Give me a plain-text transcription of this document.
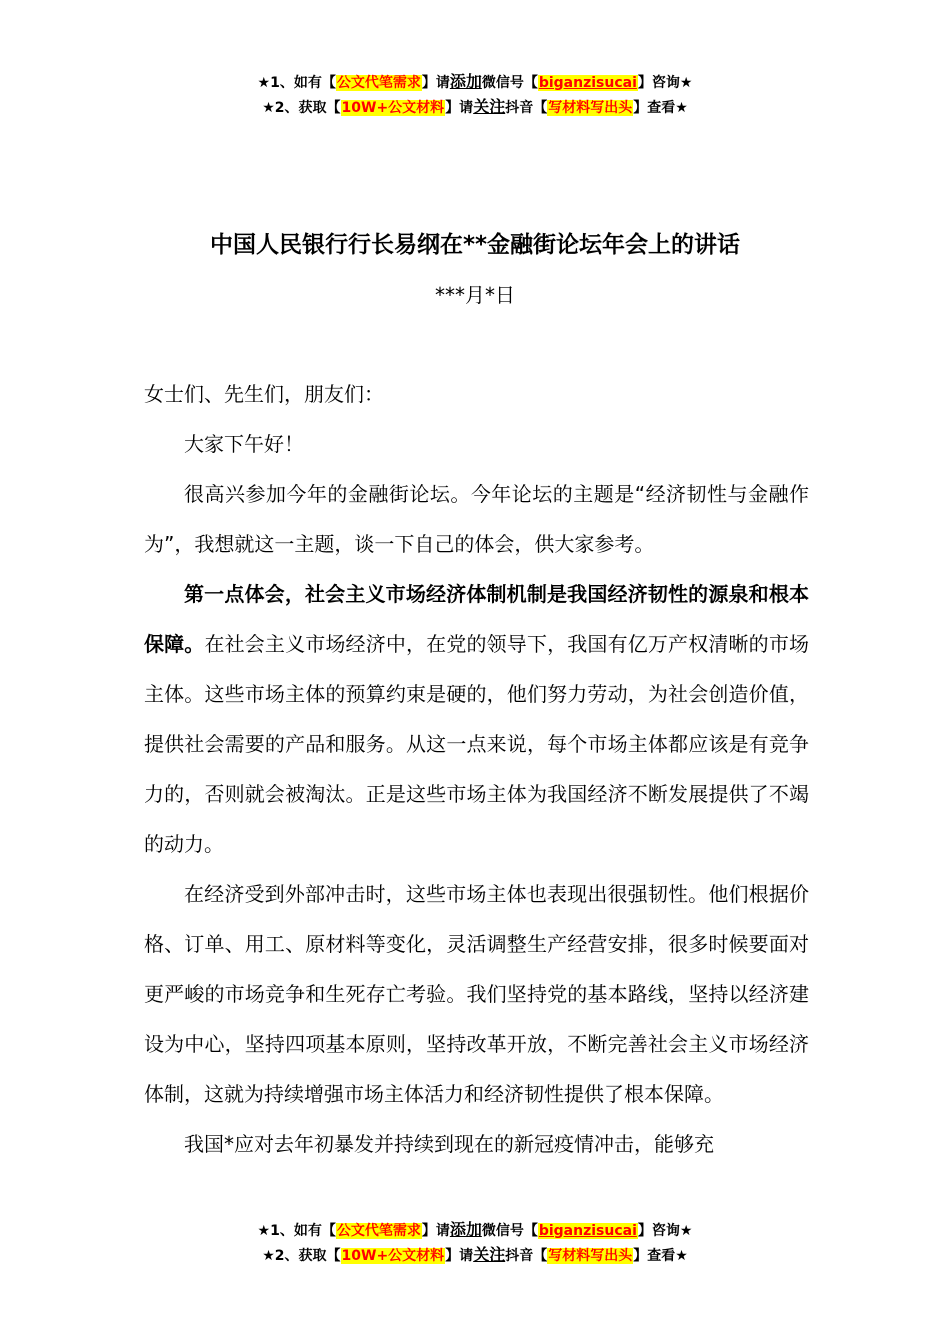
★1、如有【公文代笔需求】请添加微信号【biganzisucai】咨询★
★2、获取【10W+公文材料】请关注抖音【写材料写出头】查看★
中国人民银行行长易纲在**金融街论坛年会上的讲话
***月*日

女士们、先生们，朋友们：

大家下午好！

很高兴参加今年的金融街论坛。今年论坛的主题是“经济韧性与金融作为”，我想就这一主题，谈一下自己的体会，供大家参考。

第一点体会，社会主义市场经济体制机制是我国经济韧性的源泉和根本保障。在社会主义市场经济中，在党的领导下，我国有亿万产权清晰的市场主体。这些市场主体的预算约束是硬的，他们努力劳动，为社会创造价值，提供社会需要的产品和服务。从这一点来说，每个市场主体都应该是有竞争力的，否则就会被淘汰。正是这些市场主体为我国经济不断发展提供了不竭的动力。

在经济受到外部冲击时，这些市场主体也表现出很强韧性。他们根据价格、订单、用工、原材料等变化，灵活调整生产经营安排，很多时候要面对更严峻的市场竞争和生死存亡考验。我们坚持党的基本路线，坚持以经济建设为中心，坚持四项基本原则，坚持改革开放，不断完善社会主义市场经济体制，这就为持续增强市场主体活力和经济韧性提供了根本保障。

我国*应对去年初暴发并持续到现在的新冠疫情冲击，能够充

★1、如有【公文代笔需求】请添加微信号【biganzisucai】咨询★
★2、获取【10W+公文材料】请关注抖音【写材料写出头】查看★
